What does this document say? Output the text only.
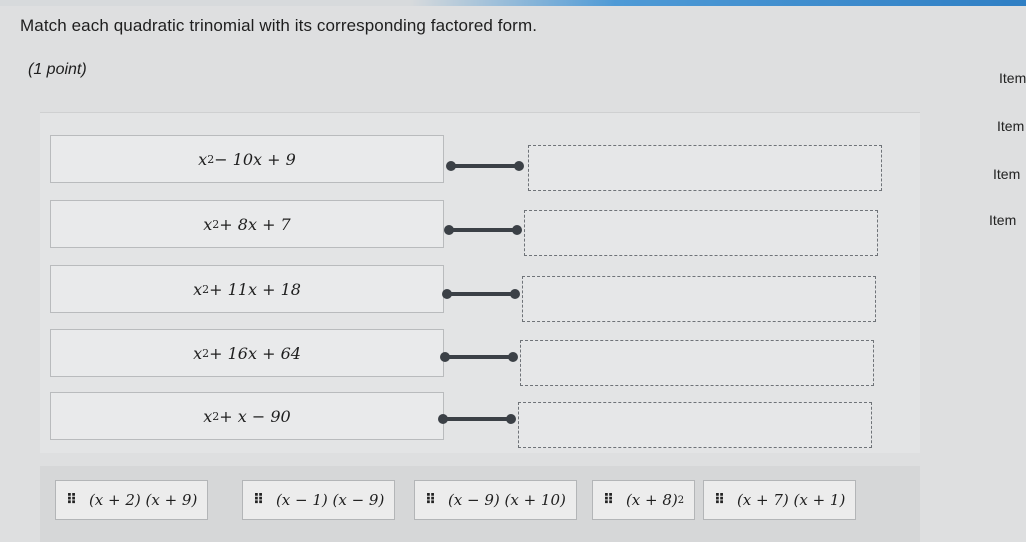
Match each quadratic trinomial with its corresponding factored form.
(1 point)	Item
Item
Item
Item
x 2 − 10x + 9
x 2 + 8x + 7
x 2 + 11x + 18
x 2 + 16x + 64
x 2 + x − 90
⠿ (x + 2) (x + 9)	⠿ (x − 1) (x − 9)	⠿ (x − 9) (x + 10)	⠿ (x + 8) 2 ⠿ (x + 7) (x + 1)
